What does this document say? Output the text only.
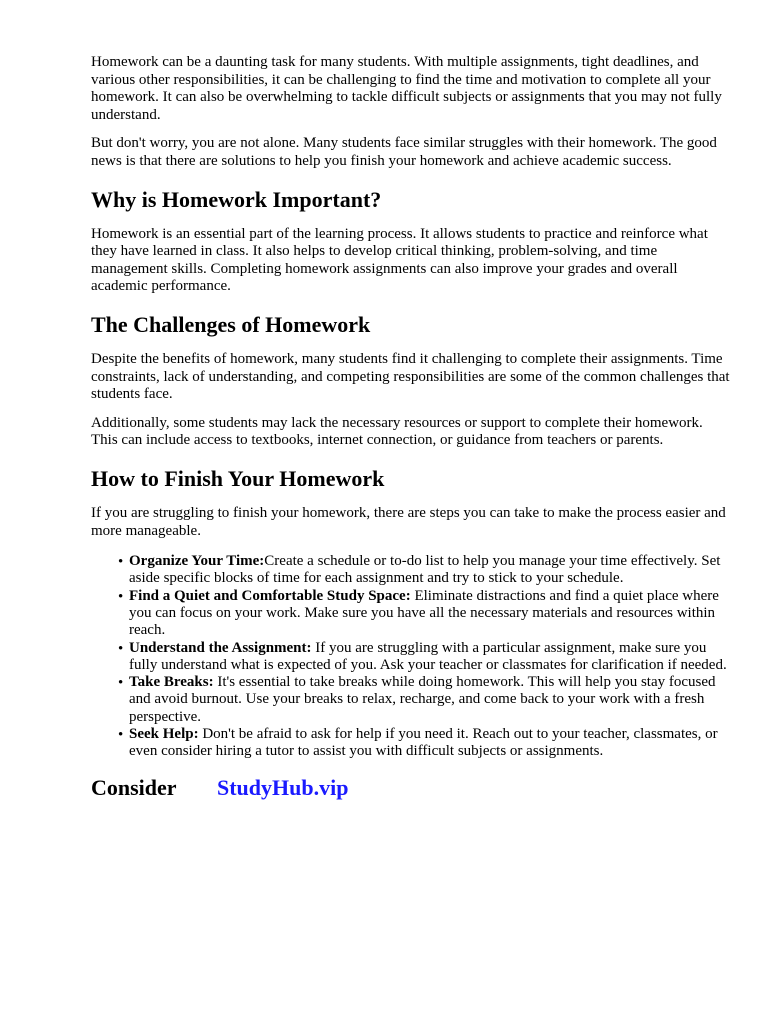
Homework can be a daunting task for many students. With multiple assignments, tight deadlines, and various other responsibilities, it can be challenging to find the time and motivation to complete all your homework. It can also be overwhelming to tackle difficult subjects or assignments that you may not fully understand.

But don't worry, you are not alone. Many students face similar struggles with their homework. The good news is that there are solutions to help you finish your homework and achieve academic success.

Why is Homework Important?

Homework is an essential part of the learning process. It allows students to practice and reinforce what they have learned in class. It also helps to develop critical thinking, problem-solving, and time management skills. Completing homework assignments can also improve your grades and overall academic performance.

The Challenges of Homework

Despite the benefits of homework, many students find it challenging to complete their assignments. Time constraints, lack of understanding, and competing responsibilities are some of the common challenges that students face.

Additionally, some students may lack the necessary resources or support to complete their homework. This can include access to textbooks, internet connection, or guidance from teachers or parents.

How to Finish Your Homework

If you are struggling to finish your homework, there are steps you can take to make the process easier and more manageable.

• Organize Your Time:Create a schedule or to-do list to help you manage your time effectively. Set aside specific blocks of time for each assignment and try to stick to your schedule.
• Find a Quiet and Comfortable Study Space: Eliminate distractions and find a quiet place where you can focus on your work. Make sure you have all the necessary materials and resources within reach.
• Understand the Assignment: If you are struggling with a particular assignment, make sure you fully understand what is expected of you. Ask your teacher or classmates for clarification if needed.
• Take Breaks: It's essential to take breaks while doing homework. This will help you stay focused and avoid burnout. Use your breaks to relax, recharge, and come back to your work with a fresh perspective.
• Seek Help: Don't be afraid to ask for help if you need it. Reach out to your teacher, classmates, or even consider hiring a tutor to assist you with difficult subjects or assignments.
Consider	StudyHub.vip
